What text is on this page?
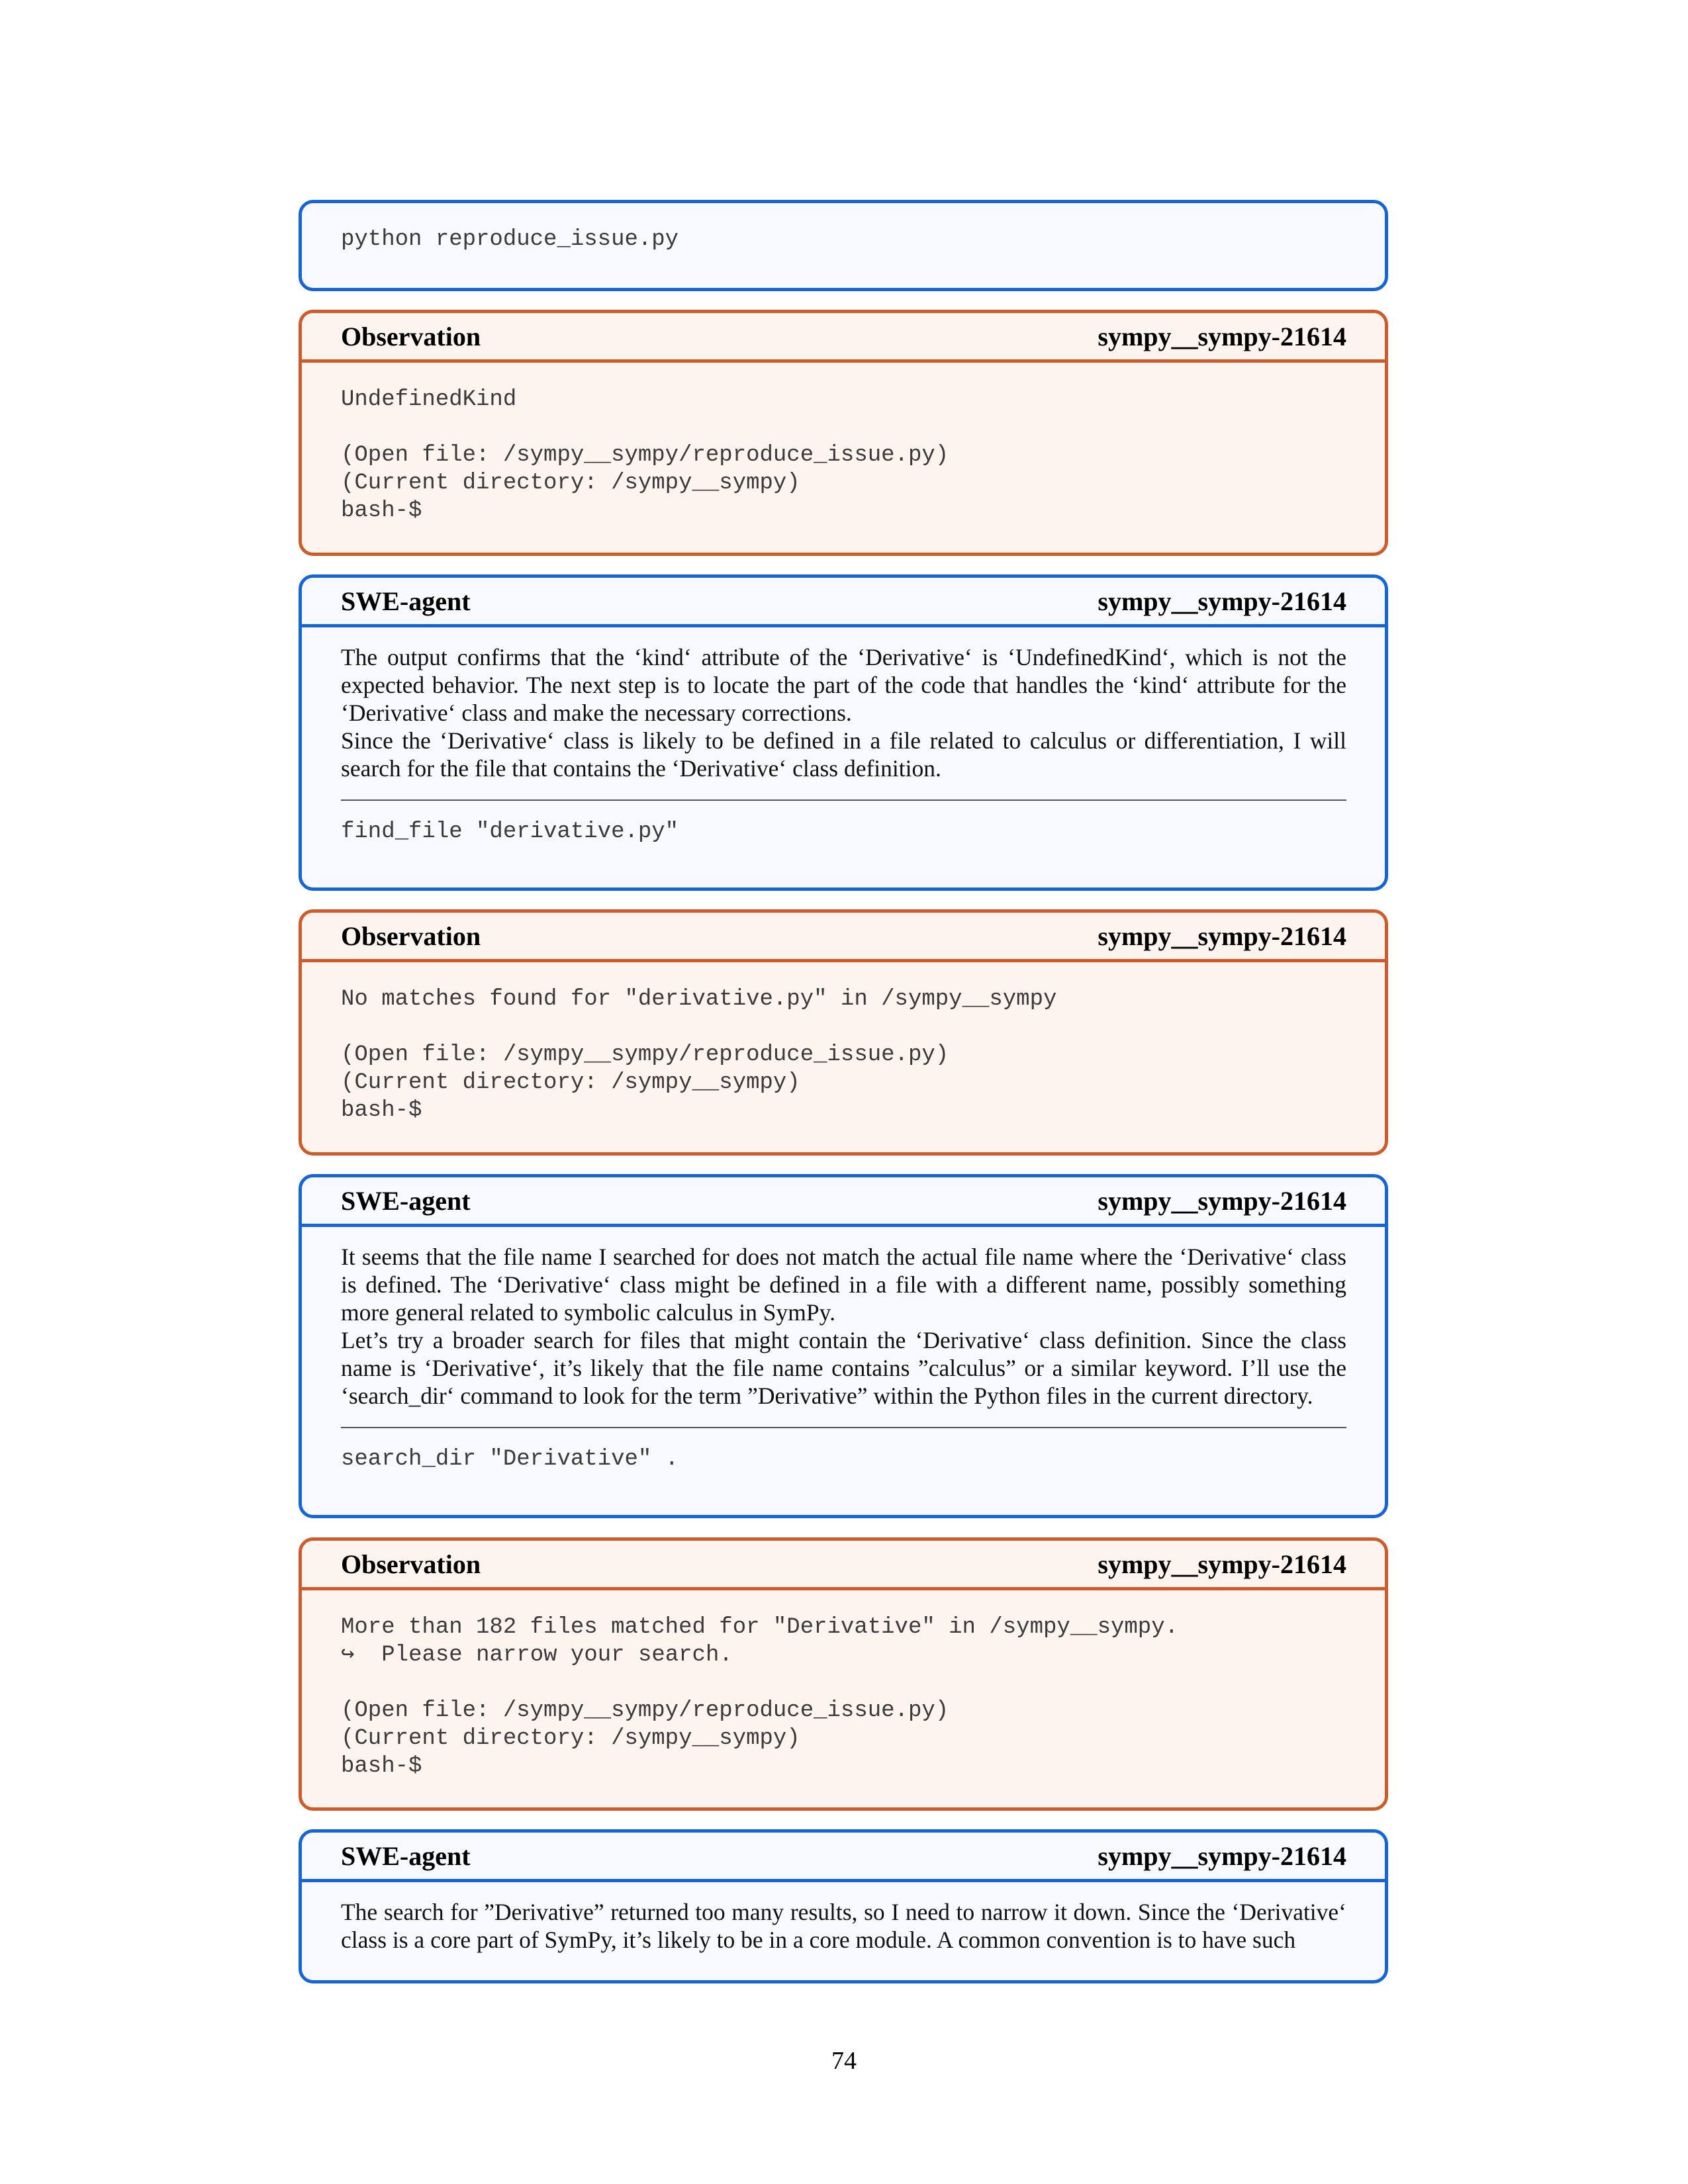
python reproduce_issue.py
Observation	sympy__sympy-21614
UndefinedKind

(Open file: /sympy__sympy/reproduce_issue.py)
(Current directory: /sympy__sympy)
bash-$
SWE-agent	sympy__sympy-21614

The output confirms that the ‘kind‘ attribute of the ‘Derivative‘ is ‘UndefinedKind‘, which is not the expected behavior. The next step is to locate the part of the code that handles the ‘kind‘ attribute for the ‘Derivative‘ class and make the necessary corrections.

Since the ‘Derivative‘ class is likely to be defined in a file related to calculus or differentiation, I will search for the file that contains the ‘Derivative‘ class definition.

find_file "derivative.py"
Observation	sympy__sympy-21614
No matches found for "derivative.py" in /sympy__sympy

(Open file: /sympy__sympy/reproduce_issue.py)
(Current directory: /sympy__sympy)
bash-$
SWE-agent	sympy__sympy-21614

It seems that the file name I searched for does not match the actual file name where the ‘Derivative‘ class is defined. The ‘Derivative‘ class might be defined in a file with a different name, possibly something more general related to symbolic calculus in SymPy.

Let’s try a broader search for files that might contain the ‘Derivative‘ class definition. Since the class name is ‘Derivative‘, it’s likely that the file name contains ”calculus” or a similar keyword. I’ll use the ‘search_dir‘ command to look for the term ”Derivative” within the Python files in the current directory.

search_dir "Derivative" .
Observation	sympy__sympy-21614
More than 182 files matched for "Derivative" in /sympy__sympy.
↪  Please narrow your search.

(Open file: /sympy__sympy/reproduce_issue.py)
(Current directory: /sympy__sympy)
bash-$
SWE-agent	sympy__sympy-21614

The search for ”Derivative” returned too many results, so I need to narrow it down. Since the ‘Derivative‘ class is a core part of SymPy, it’s likely to be in a core module. A common convention is to have such

74
